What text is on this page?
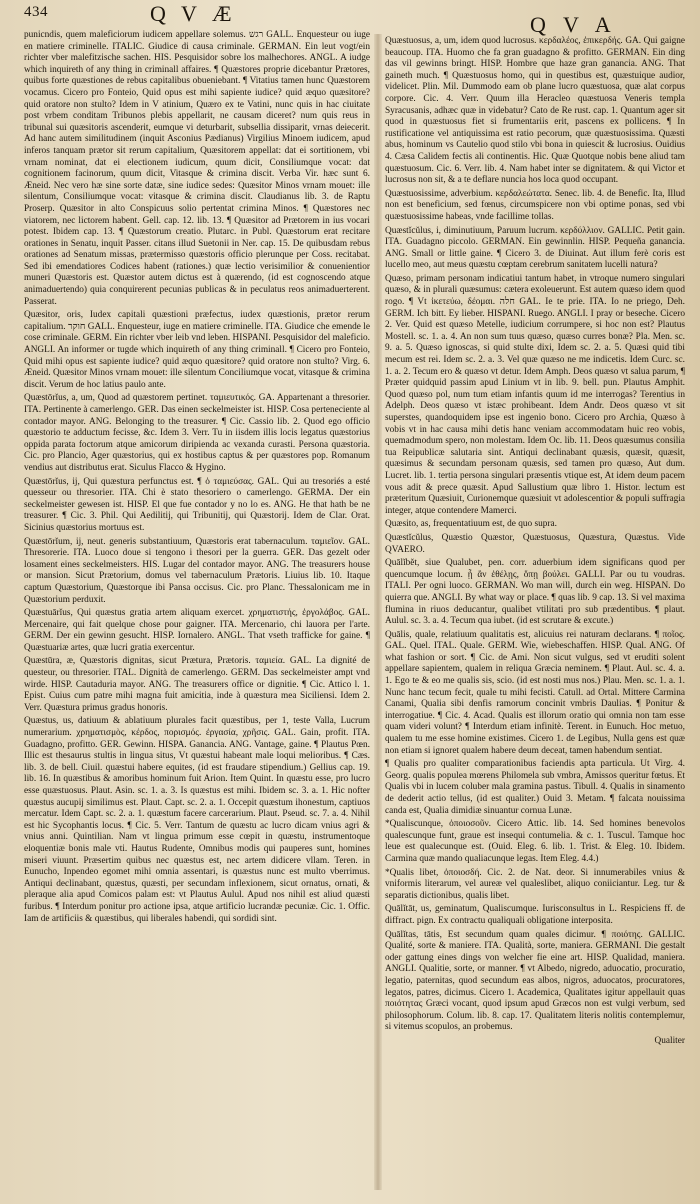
434	Q V Æ	Q V A

punicndis, quem maleficiorum iudicem appellare solemus. רגש GALL. Enquesteur ou iuge en matiere criminelle. ITALIC. Giudice di causa criminale. GERMAN. Ein leut vogt/ein richter vber malefitzische sachen. HIS. Pesquisidor sobre los malhechores. ANGL. A iudge which inquireth of any thing in criminall affaires. ¶ Quæstores proprie dicebantur Prætores, quibus forte quæstiones de rebus capitalibus obueniebant. ¶ Vitatius tamen hunc Quæstorem vocamus. Cicero pro Fonteio, Quid opus est mihi sapiente iudice? quid æquo quæsitore? quid oratore non stulto? Idem in V atinium, Quæro ex te Vatini, nunc quis in hac ciuitate post vrbem conditam Tribunos plebis appellarit, ne causam diceret? num quis reus in tribunal sui quæsitoris ascenderit, eumque vi deturbarit, subsellia dissiparit, vrnas deiecerit. Ad hanc autem similitudinem (inquit Asconius Pædianus) Virgilius Minoem iudicem, apud inferos tanquam prætor sit rerum capitalium, Quæsitorem appellat: dat ei sortitionem, vbi vrnam nominat, dat ei electionem iudicum, quum dicit, Consiliumque vocat: dat cognitionem facinorum, quum dicit, Vitasque & crimina discit. Verba Vir. hæc sunt 6. Æneid. Nec vero hæ sine sorte datæ, sine iudice sedes: Quæsitor Minos vrnam mouet: ille silentum, Consiliumque vocat: vitasque & crimina discit. Claudianus lib. 3. de Raptu Proserp. Quæsitor in alto Conspicuus solio pertentat crimina Minos. ¶ Quæstores nec viatorem, nec lictorem habent. Gell. cap. 12. lib. 13. ¶ Quæsitor ad Prætorem in ius vocari potest. Ibidem cap. 13. ¶ Quæstorum creatio. Plutarc. in Publ. Quæstorum erat recitare orationes in Senatu, inquit Passer. citans illud Suetonii in Ner. cap. 15. De quibusdam rebus orationes ad Senatum missas, prætermisso quæstoris officio plerunque per Coss. recitabat. Sed ibi emendatiores Codices habent (rationes.) quæ lectio verisimilior & conuenientior muneri Quæstoris est. Quæstor autem dictus est à quærendo, (id est cognoscendo atque animaduertendo) quia conquirerent pecunias publicas & in peculatus reos animaduerterent. Passerat.

Quæsitor, oris, Iudex capitali quæstioni præfectus, iudex quæstionis, prætor rerum capitalium. חוקר GALL. Enquesteur, iuge en matiere criminelle. ITA. Giudice che emende le cose criminale. GERM. Ein richter vber leib vnd leben. HISPANI. Pesquisidor del maleficio. ANGLI. An informer or tugde which inquireth of any thing criminall. ¶ Cicero pro Fonteio, Quid mihi opus est sapiente iudice? quid æquo quæsitore? quid oratore non stulto? Virg. 6. Æneid. Quæsitor Minos vrnam mouet: ille silentum Conciliumque vocat, vitasque & crimina discit. Verum de hoc latius paulo ante.

Quæstōrĭus, a, um, Quod ad quæstorem pertinet. ταμιευτικός. GA. Appartenant a thresorier. ITA. Pertinente à camerlengo. GER. Das einen seckelmeister ist. HISP. Cosa perteneciente al contador mayor. ANG. Belonging to the treasurer. ¶ Cic. Cassio lib. 2. Quod ego officio quæstorio te adductum fecisse, &c. Idem 3. Verr. Tu in iisdem illis locis legatus quæstorius oppida parata foctorum atque amicorum diripienda ac vexanda curasti. Persona quæstoria. Cic. pro Plancio, Ager quæstorius, qui ex hostibus captus & per quæstores pop. Romanum vendius aut distributus erat. Siculus Flacco & Hygino.

Quæstōrĭus, ij, Qui quæstura perfunctus est. ¶ ὁ ταμιεύσας. GAL. Qui au tresoriés a esté quesseur ou thresorier. ITA. Chi è stato thesoriero o camerlengo. GERMA. Der ein seckelmeister gewesen ist. HISP. El que fue contador y no lo es. ANG. He that hath be ne treasurer. ¶ Cic. 3. Phil. Qui Aedilitij, qui Tribunitij, qui Quæstorij. Idem de Clar. Orat. Sicinius quæstorius mortuus est.

Quæstōrĭum, ij, neut. generis substantiuum, Quæstoris erat tabernaculum. ταμιεῖον. GAL. Thresorerie. ITA. Luoco doue si tengono i thesori per la guerra. GER. Das gezelt oder losament eines seckelmeisters. HIS. Lugar del contador mayor. ANG. The treasurers house or mansion. Sicut Prætorium, domus vel tabernaculum Prætoris. Liuius lib. 10. Itaque captum Quæstorium, Quæstorque ibi Pansa occisus. Cic. pro Planc. Thessalonicam me in Quæstorium perduxit.

Quæstuārĭus, Qui quæstus gratia artem aliquam exercet. χρηματιστής, ἐργολάβος. GAL. Mercenaire, qui fait quelque chose pour gaigner. ITA. Mercenario, chi lauora per l'arte. GERM. Der ein gewinn gesucht. HISP. Iornalero. ANGL. That vseth trafficke for gaine. ¶ Quæstuariæ artes, quæ lucri gratia exercentur.

Quæstūra, æ, Quæstoris dignitas, sicut Prætura, Prætoris. ταμιεία. GAL. La dignité de questeur, ou thresorier. ITAL. Dignità de camerlengo. GERM. Das seckelmeister ampt vnd wirde. HISP. Cautaduria mayor. ANG. The treasurers office or dignitie. ¶ Cic. Attico l. 1. Epist. Cuius cum patre mihi magna fuit amicitia, inde à quæstura mea Siciliensi. Idem 2. Verr. Quæstura primus gradus honoris.

Quæstus, us, datiuum & ablatiuum plurales facit quæstibus, per 1, teste Valla, Lucrum numerarium. χρηματισμὸς, κέρδος, πορισμός. ἐργασία, χρῆσις. GAL. Gain, profit. ITA. Guadagno, profitto. GER. Gewinn. HISPA. Ganancia. ANG. Vantage, gaine. ¶ Plautus Pœn. Illic est thesaurus stultis in lingua situs, Vt quæstui habeant male loqui melioribus. ¶ Cæs. lib. 3. de bell. Ciuil. quæstui habere equites, (id est fraudare stipendium.) Gellius cap. 19. lib. 16. In quæstibus & amoribus hominum fuit Arion. Item Quint. In quæstu esse, pro lucro esse quæstuosus. Plaut. Asin. sc. 1. a. 3. Is quæstus est mihi. Ibidem sc. 3. a. 1. Hic nofter quæstus aucupij similimus est. Plaut. Capt. sc. 2. a. 1. Occepit quæstum ihonestum, captiuos mercatur. Idem Capt. sc. 2. a. 1. quæstum facere carcerarium. Plaut. Pseud. sc. 7. a. 4. Nihil est hic Sycophantis locus. ¶ Cic. 5. Verr. Tantum de quæstu ac lucro dicam vnius agri & vnius anni. Quintilian. Nam vt lingua primum esse cœpit in quæstu, instrumentoque eloquentiæ bonis male vti. Hautus Rudente, Omnibus modis qui pauperes sunt, homines miseri viuunt. Præsertim quibus nec quæstus est, nec artem didicere vllam. Teren. in Eunucho, Inpendeo egomet mihi omnia assentari, is quæstus nunc est multo vberrimus. Antiqui declinabant, quæstus, quæsti, per secundam inflexionem, sicut ornatus, ornati, & pleraque alia apud Comicos palam est: vt Plautus Aulul. Apud nos nihil est aliud quæsti furibus. ¶ Interdum ponitur pro actione ipsa, atque artificio lucrandæ pecuniæ. Cic. 1. Offic. Iam de artificiis & quæstibus, qui liberales habendi, qui sordidi sint.

Quæstuosus, a, um, idem quod lucrosus. κερδαλέος, ἐπικερδής. GA. Qui gaigne beaucoup. ITA. Huomo che fa gran guadagno & profitto. GERMAN. Ein ding das vil gewinns bringt. HISP. Hombre que haze gran ganancia. ANG. That gaineth much. ¶ Quæstuosus homo, qui in questibus est, quæstuique audior, videlicet. Plin. Mil. Dummodo eam ob plane lucro quæstuosa, quæ alat corpus corpore. Cic. 4. Verr. Quum illa Heracleo quæstuosa Veneris templa Syracusanis, adhæc quæ in videbatur? Cato de Re rust. cap. 1. Quantum ager sit quod in quæstuosus fiet si frumentariis erit, pascens ex pollicens. ¶ In rustificatione vel antiquissima est ratio pecorum, quæ quæstuosissima. Quæsti abus, hominum vs Cautelio quod stilo vbi bona in quiescit & lucrosius. Ouidius 4. Cæsa Calidem fectis ali continentis. Hic. Quæ Quotque nobis bene aliud tam quæstuosum. Cic. 6. Verr. lib. 4. Nam habet inter se dignitatem. & qui Victor et lucrosus non sit, & a te deflare nuncia hos loca quod occupant.

Quæstuosissime, adverbium. κερδαλεώτατα. Senec. lib. 4. de Benefic. Ita, Illud non est beneficium, sed fœnus, circumspicere non vbi optime ponas, sed vbi quæstuosissime habeas, vnde facillime tollas.

Quæstĭcŭlus, i, diminutiuum, Paruum lucrum. κερδύλλιον. GALLIC. Petit gain. ITA. Guadagno piccolo. GERMAN. Ein gewinnlin. HISP. Pequeña ganancia. ANG. Small or little gaine. ¶ Cicero 3. de Diuinat. Aut illum ferè coris est lucello meo, aut meus quæstu cœptam cerebrum sanitatem lucelli natura?

Quæso, primam personam indicatiui tantum habet, in vtroque numero singulari quæso, & in plurali quæsumus: cætera exoleuerunt. Est autem quæso idem quod rogo. ¶ Vt ἱκετεύω, δέομαι. חלה GAL. Ie te prie. ITA. Io ne priego, Deh. GERM. Ich bitt. Ey lieber. HISPANI. Ruego. ANGLI. I pray or beseche. Cicero 2. Ver. Quid est quæso Metelle, iudicium corrumpere, si hoc non est? Plautus Mostell. sc. 1. a. 4. An non sum tuus quæso, quæso curres bonæ? Pla. Men. sc. 9. a. 5. Quæso ignoscas, si quid stulte dixi, Idem sc. 2. a. 5. Quæsi quid tibi mecum est rei. Idem sc. 2. a. 3. Vel quæ quæso ne me indicetis. Idem Curc. sc. 1. a. 2. Tecum ero & quæso vt detur. Idem Amph. Deos quæso vt salua parum, ¶ Præter quidquid passim apud Linium vt in lib. 9. bell. pun. Plautus Amphit. Quod quæso pol, num tum etiam infantis quum id me interrogas? Terentius in Adelph. Deos quæso vt istæc prohibeant. Idem Andr. Deos quæso vt sit superstes, quandoquidem ipse est ingenio bono. Cicero pro Archia, Quæso à vobis vt in hac causa mihi detis hanc veniam accommodatam huic reo vobis, quemadmodum spero, non molestam. Idem Oc. lib. 11. Deos quæsumus consilia tua Reipublicæ salutaria sint. Antiqui declinabant quæsis, quæsit, quæsit, quæsimus & secundam personam quæsis, sed tamen pro quæso, Aut dum. Lucret. lib. 1. tertia persona singulari præsentis vtique est, At idem deum pacem vous adit & prece quæsit. Apud Sallustium quæ libro 1. Histor. lectum est præteritum Quæsiuit, Curionemque quæsiuit vt adolescentior & populi suffragia integer, atque contendere Mamerci.

Quæsito, as, frequentatiuum est, de quo supra.

Quæstĭcŭlus, Quæstio Quæstor, Quæstuosus, Quæstura, Quæstus. Vide QVAERO.

Quālĭbĕt, siue Qualubet, pen. corr. aduerbium idem significans quod per quencumque locum. ᾗ ἂν ἐθέλῃς, ὅπῃ βούλει. GALLI. Par ou tu voudras. ITALI. Per ogni luoco. GERMAN. Wo man will, durch ein weg. HISPAN. Do quierra que. ANGLI. By what way or place. ¶ quas lib. 9 cap. 13. Si vel maxima flumina in riuos deducantur, qualibet vtilitati pro sub prædentibus. ¶ plaut. Aulul. sc. 3. a. 4. Tecum qua iubet. (id est scrutare & excute.)

Quālis, quale, relatiuum qualitatis est, alicuius rei naturam declarans. ¶ ποῖος. GAL. Quel. ITAL. Quale. GERM. Wie, wiebeschaffen. HISP. Qual. ANG. Of what fashion or sort. ¶ Cic. de Ami. Non sicut vulgus, sed vt eruditi solent appellare sapientem, qualem in reliqua Græcia neminem. ¶ Plaut. Aul. sc. 4. a. 1. Ego te & eo me qualis sis, scio. (id est nosti mus nos.) Plau. Men. sc. 1. a. 1. Nunc hanc tecum fecit, quale tu mihi fecisti. Catull. ad Ortal. Mittere Carmina Canami, Qualia sibi denfis ramorum concinit vmbris Daulias. ¶ Ponitur & interrogatiue. ¶ Cic. 4. Acad. Qualis est illorum oratio qui omnia non tam esse quam videri volunt? ¶ Interdum etiam infinitè. Terent. in Eunuch. Hoc metuo, qualem tu me esse homine existimes. Cicero 1. de Legibus, Nulla gens est quæ non etiam si ignoret qualem habere deum deceat, tamen habendum sentiat.

¶ Qualis pro qualiter comparationibus faciendis apta particula. Ut Virg. 4. Georg. qualis populea mœrens Philomela sub vmbra, Amissos queritur fœtus. Et Qualis vbi in lucem coluber mala gramina pastus. Tibull. 4. Qualis in sinamento de dederit actio tellus, (id est qualiter.) Ouid 3. Metam. ¶ falcata nouissima canda est, Qualia dimidiæ sinuantur cornua Lunæ.

*Qualiscunque, ὁποιοσοῦν. Cicero Attic. lib. 14. Sed homines benevolos qualescunque funt, graue est insequi contumelia. & c. 1. Tuscul. Tamque hoc leue est qualecunque est. (Ouid. Eleg. 6. lib. 1. Trist. & Eleg. 10. Ibidem. Carmina quæ mando qualiacunque legas. Item Eleg. 4.4.)

*Qualis libet, ὁποιοσδή. Cic. 2. de Nat. deor. Si innumerabiles vnius & vniformis literarum, vel aureæ vel qualeslibet, aliquo coniiciantur. Leg. tur & separatis dictionibus, qualis libet.

Quālĭtāt, us, geminatum, Qualiscumque. Iurisconsultus in L. Respiciens ff. de diffract. pign. Ex contractu qualiquali obligatione interposita.

Quālĭtas, tātis, Est secundum quam quales dicimur. ¶ ποιότης. GALLIC. Qualité, sorte & maniere. ITA. Qualità, sorte, maniera. GERMANI. Die gestalt oder gattung eines dings von welcher fie eine art. HISP. Qualidad, maniera. ANGLI. Qualitie, sorte, or manner. ¶ vt Albedo, nigredo, aduocatio, procuratio, legatio, paternitas, quod secundum eas albos, nigros, aduocatos, procuratores, legatos, patres, dicimus. Cicero 1. Academica, Qualitates igitur appellauit quas ποιότητας Græci vocant, quod ipsum apud Græcos non est vulgi verbum, sed philosophorum. Colum. lib. 8. cap. 17. Qualitatem literis nolitis contemplemur, si vitemus scopulos, an probemus.

Qualiter
